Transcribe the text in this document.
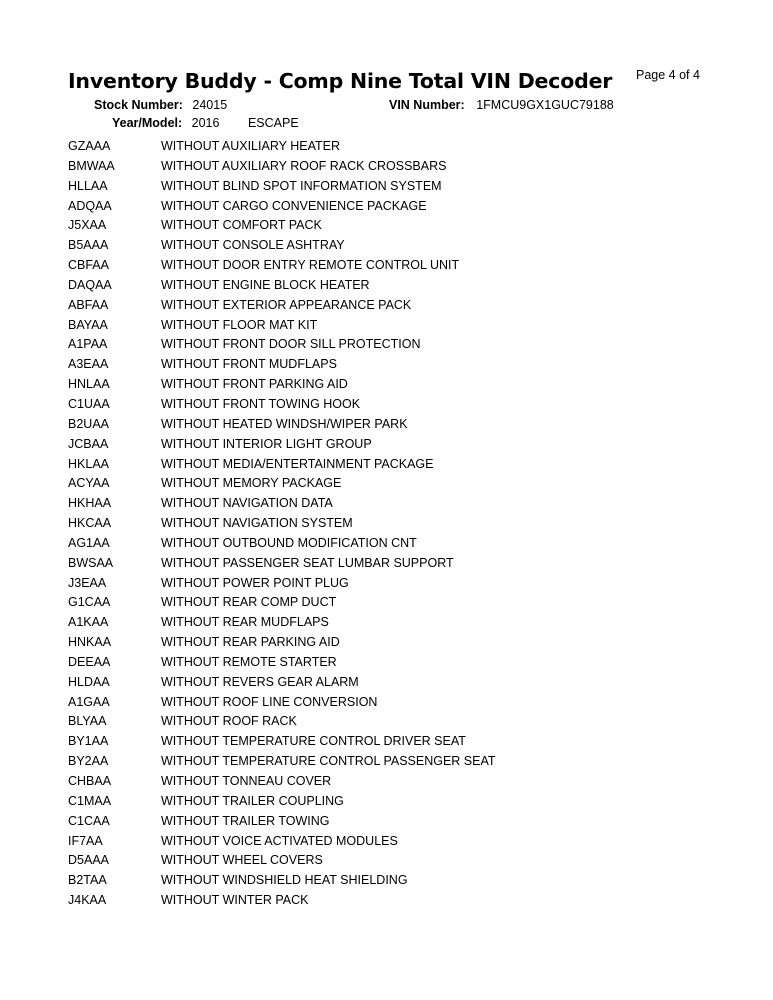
Inventory Buddy - Comp Nine Total VIN Decoder Page 4 of 4
Stock Number: 24015	VIN Number: 1FMCU9GX1GUC79188
Year/Model: 2016 ESCAPE
GZAAA	WITHOUT AUXILIARY HEATER
BMWAA	WITHOUT AUXILIARY ROOF RACK CROSSBARS
HLLAA	WITHOUT BLIND SPOT INFORMATION SYSTEM
ADQAA	WITHOUT CARGO CONVENIENCE PACKAGE
J5XAA	WITHOUT COMFORT PACK
B5AAA	WITHOUT CONSOLE ASHTRAY
CBFAA	WITHOUT DOOR ENTRY REMOTE CONTROL UNIT
DAQAA	WITHOUT ENGINE BLOCK HEATER
ABFAA	WITHOUT EXTERIOR APPEARANCE PACK
BAYAA	WITHOUT FLOOR MAT KIT
A1PAA	WITHOUT FRONT DOOR SILL PROTECTION
A3EAA	WITHOUT FRONT MUDFLAPS
HNLAA	WITHOUT FRONT PARKING AID
C1UAA	WITHOUT FRONT TOWING HOOK
B2UAA	WITHOUT HEATED WINDSH/WIPER PARK
JCBAA	WITHOUT INTERIOR LIGHT GROUP
HKLAA	WITHOUT MEDIA/ENTERTAINMENT PACKAGE
ACYAA	WITHOUT MEMORY PACKAGE
HKHAA	WITHOUT NAVIGATION DATA
HKCAA	WITHOUT NAVIGATION SYSTEM
AG1AA	WITHOUT OUTBOUND MODIFICATION CNT
BWSAA	WITHOUT PASSENGER SEAT LUMBAR SUPPORT
J3EAA	WITHOUT POWER POINT PLUG
G1CAA	WITHOUT REAR COMP DUCT
A1KAA	WITHOUT REAR MUDFLAPS
HNKAA	WITHOUT REAR PARKING AID
DEEAA	WITHOUT REMOTE STARTER
HLDAA	WITHOUT REVERS GEAR ALARM
A1GAA	WITHOUT ROOF LINE CONVERSION
BLYAA	WITHOUT ROOF RACK
BY1AA	WITHOUT TEMPERATURE CONTROL DRIVER SEAT
BY2AA	WITHOUT TEMPERATURE CONTROL PASSENGER SEAT
CHBAA	WITHOUT TONNEAU COVER
C1MAA	WITHOUT TRAILER COUPLING
C1CAA	WITHOUT TRAILER TOWING
IF7AA	WITHOUT VOICE ACTIVATED MODULES
D5AAA	WITHOUT WHEEL COVERS
B2TAA	WITHOUT WINDSHIELD HEAT SHIELDING
J4KAA	WITHOUT WINTER PACK
